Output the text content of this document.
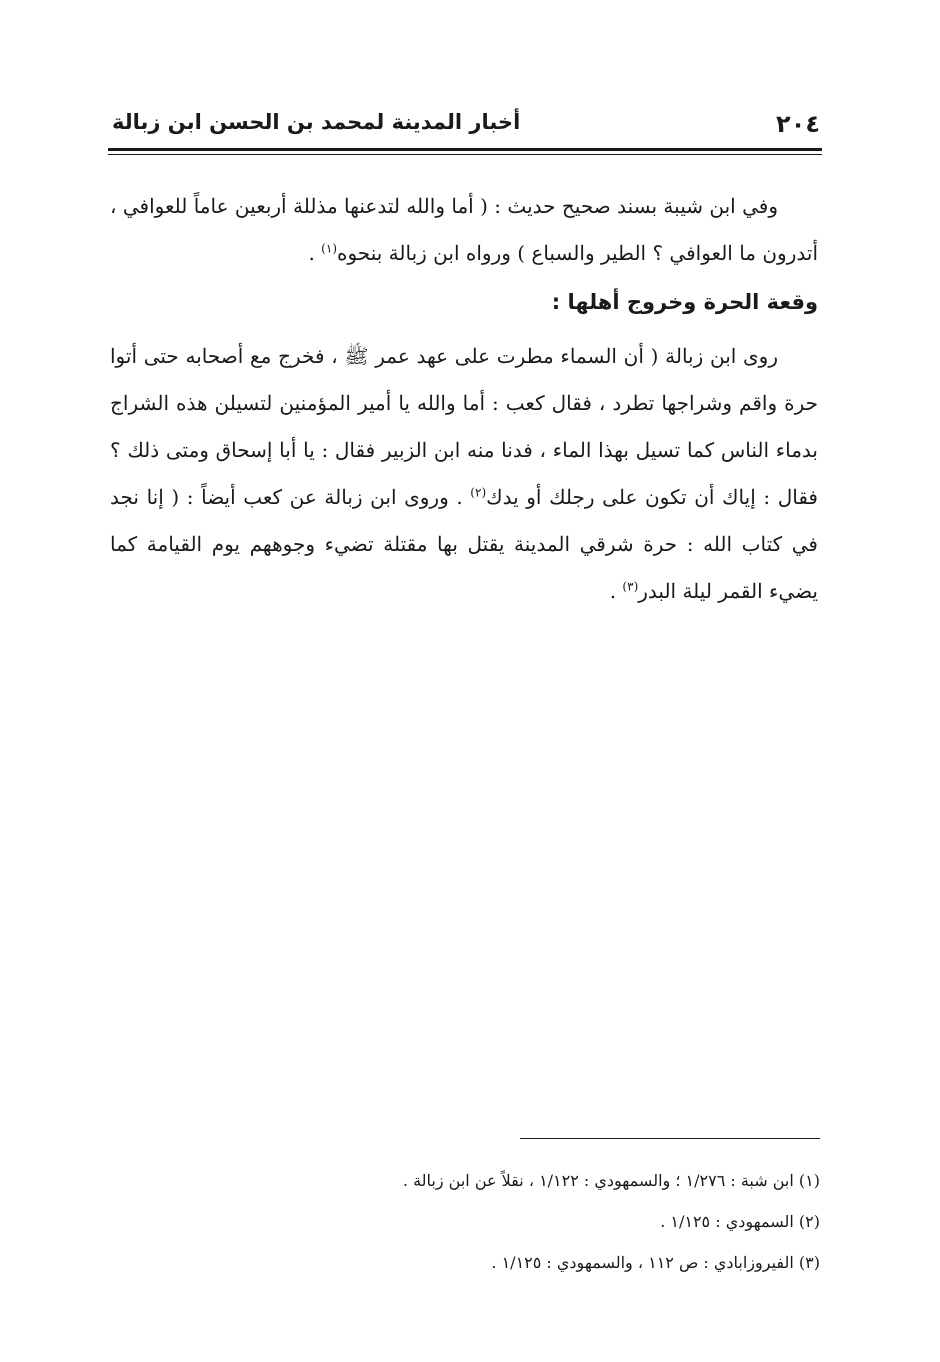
٢٠٤
أخبار المدينة لمحمد بن الحسن ابن زبالة

وفي ابن شيبة بسند صحيح حديث : ( أما والله لتدعنها مذللة أربعين عاماً للعوافي ، أتدرون ما العوافي ؟ الطير والسباع ) ورواه ابن زبالة بنحوه$^{(١)}$ .

وقعة الحرة وخروج أهلها :

روى ابن زبالة ( أن السماء مطرت على عهد عمر ﷺ ، فخرج مع أصحابه حتى أتوا حرة واقم وشراجها تطرد ، فقال كعب : أما والله يا أمير المؤمنين لتسيلن هذه الشراج بدماء الناس كما تسيل بهذا الماء ، فدنا منه ابن الزبير فقال : يا أبا إسحاق ومتى ذلك ؟ فقال : إياك أن تكون على رجلك أو يدك$^{(٢)}$ . وروى ابن زبالة عن كعب أيضاً : ( إنا نجد في كتاب الله : حرة شرقي المدينة يقتل بها مقتلة تضيء وجوههم يوم القيامة كما يضيء القمر ليلة البدر$^{(٣)}$ .

(١) ابن شبة : ١/٢٧٦ ؛ والسمهودي : ١/١٢٢ ، نقلاً عن ابن زبالة .

(٢) السمهودي : ١/١٢٥ .

(٣) الفيروزابادي : ص ١١٢ ، والسمهودي : ١/١٢٥ .
